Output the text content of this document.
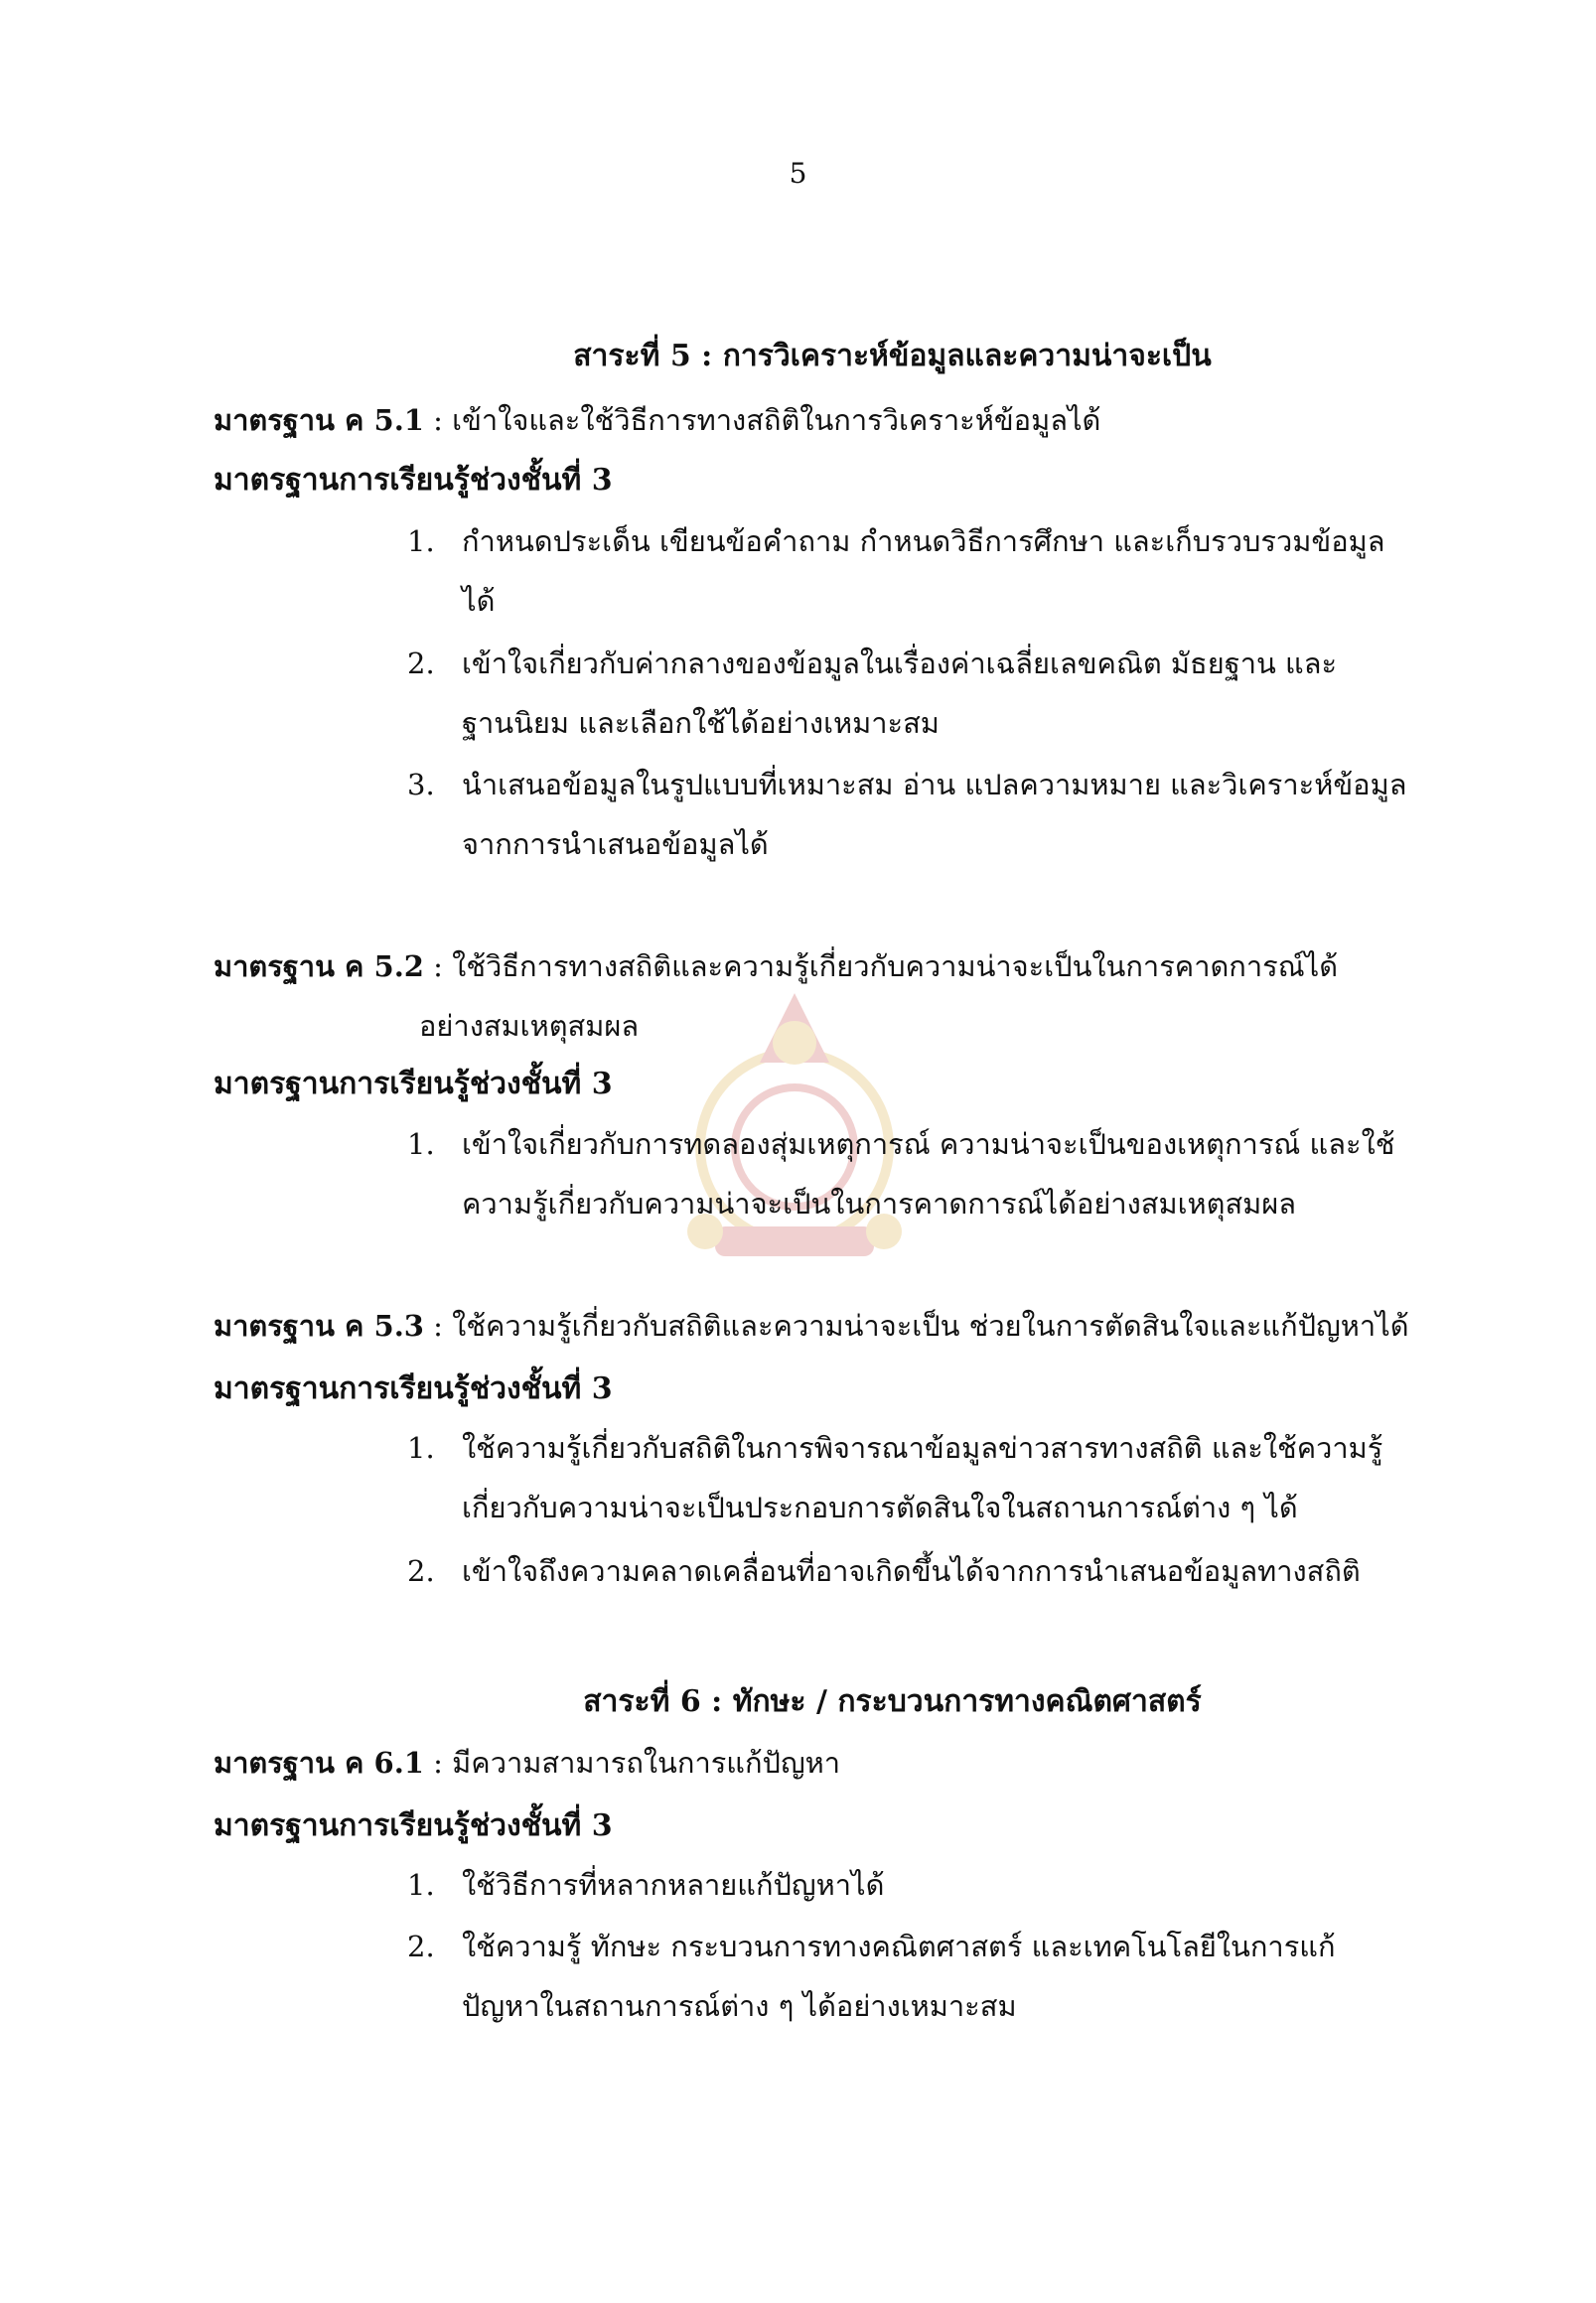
5
สาระที่ 5 : การวิเคราะห์ข้อมูลและความน่าจะเป็น
มาตรฐาน ค 5.1 : เข้าใจและใช้วิธีการทางสถิติในการวิเคราะห์ข้อมูลได้
มาตรฐานการเรียนรู้ช่วงชั้นที่ 3
1. กำหนดประเด็น เขียนข้อคำถาม กำหนดวิธีการศึกษา และเก็บรวบรวมข้อมูลได้
2. เข้าใจเกี่ยวกับค่ากลางของข้อมูลในเรื่องค่าเฉลี่ยเลขคณิต มัธยฐาน และฐานนิยม และเลือกใช้ได้อย่างเหมาะสม
3. นำเสนอข้อมูลในรูปแบบที่เหมาะสม อ่าน แปลความหมาย และวิเคราะห์ข้อมูลจากการนำเสนอข้อมูลได้
มาตรฐาน ค 5.2 : ใช้วิธีการทางสถิติและความรู้เกี่ยวกับความน่าจะเป็นในการคาดการณ์ได้
อย่างสมเหตุสมผล
มาตรฐานการเรียนรู้ช่วงชั้นที่ 3
1. เข้าใจเกี่ยวกับการทดลองสุ่มเหตุการณ์ ความน่าจะเป็นของเหตุการณ์ และใช้ความรู้เกี่ยวกับความน่าจะเป็นในการคาดการณ์ได้อย่างสมเหตุสมผล
มาตรฐาน ค 5.3 : ใช้ความรู้เกี่ยวกับสถิติและความน่าจะเป็น ช่วยในการตัดสินใจและแก้ปัญหาได้
มาตรฐานการเรียนรู้ช่วงชั้นที่ 3
1. ใช้ความรู้เกี่ยวกับสถิติในการพิจารณาข้อมูลข่าวสารทางสถิติ และใช้ความรู้เกี่ยวกับความน่าจะเป็นประกอบการตัดสินใจในสถานการณ์ต่าง ๆ ได้
2. เข้าใจถึงความคลาดเคลื่อนที่อาจเกิดขึ้นได้จากการนำเสนอข้อมูลทางสถิติ
สาระที่ 6 : ทักษะ / กระบวนการทางคณิตศาสตร์
มาตรฐาน ค 6.1 : มีความสามารถในการแก้ปัญหา
มาตรฐานการเรียนรู้ช่วงชั้นที่ 3
1. ใช้วิธีการที่หลากหลายแก้ปัญหาได้
2. ใช้ความรู้ ทักษะ กระบวนการทางคณิตศาสตร์ และเทคโนโลยีในการแก้ปัญหาในสถานการณ์ต่าง ๆ ได้อย่างเหมาะสม
